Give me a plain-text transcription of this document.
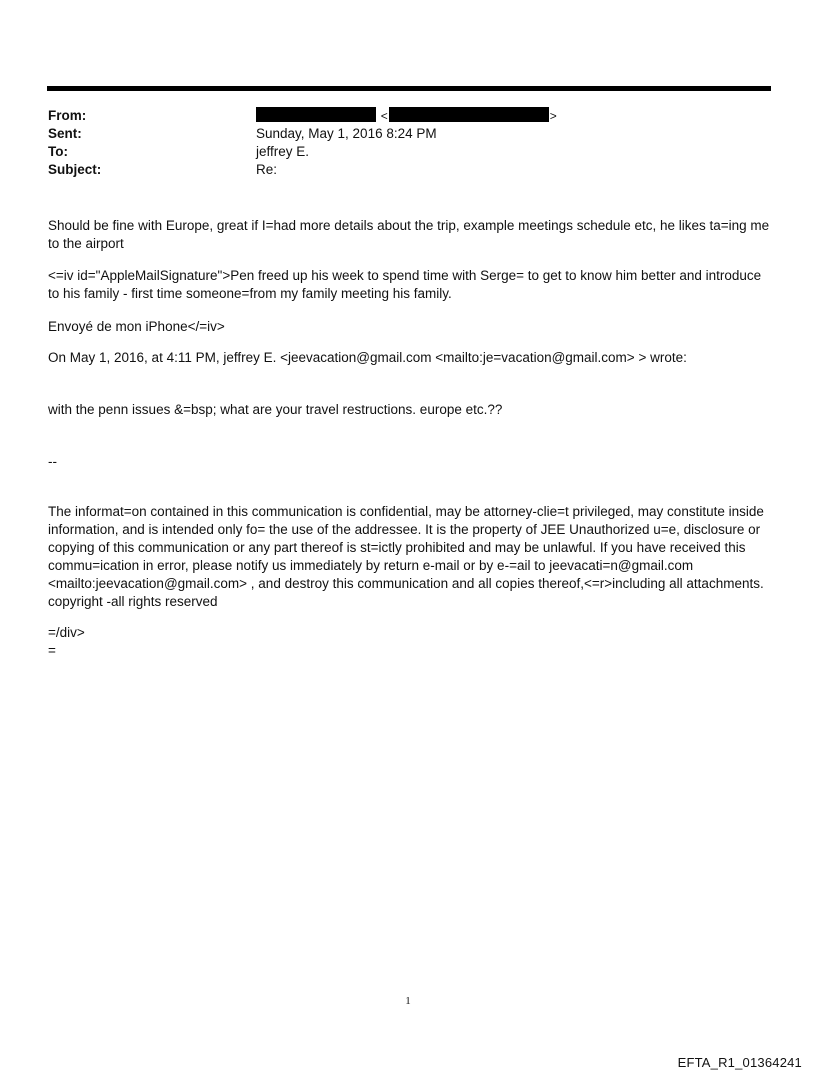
From:	<	>
Sent:	Sunday, May 1, 2016 8:24 PM
To:	jeffrey E.
Subject:	Re:

Should be fine with Europe, great if I=had more details about the trip, example meetings schedule etc, he likes ta=ing me to the airport

<=iv id="AppleMailSignature">Pen freed up his week to spend time with Serge= to get to know him better and introduce to his family - first time someone=from my family meeting his family.

Envoyé de mon iPhone</=iv>

On May 1, 2016, at 4:11 PM, jeffrey E. <jeevacation@gmail.com <mailto:je=vacation@gmail.com> > wrote:

with the penn issues &=bsp; what are your travel restructions. europe etc.??

--

The informat=on contained in this communication is confidential, may be attorney-clie=t privileged, may constitute inside information, and is intended only fo= the use of the addressee. It is the property of JEE Unauthorized u=e, disclosure or copying of this communication or any part thereof is st=ictly prohibited and may be unlawful. If you have received this commu=ication in error, please notify us immediately by return e-mail or by e-=ail to jeevacati=n@gmail.com <mailto:jeevacation@gmail.com> , and destroy this communication and all copies thereof,<=r>including all attachments. copyright -all rights reserved

=/div>

=

1
EFTA_R1_01364241
